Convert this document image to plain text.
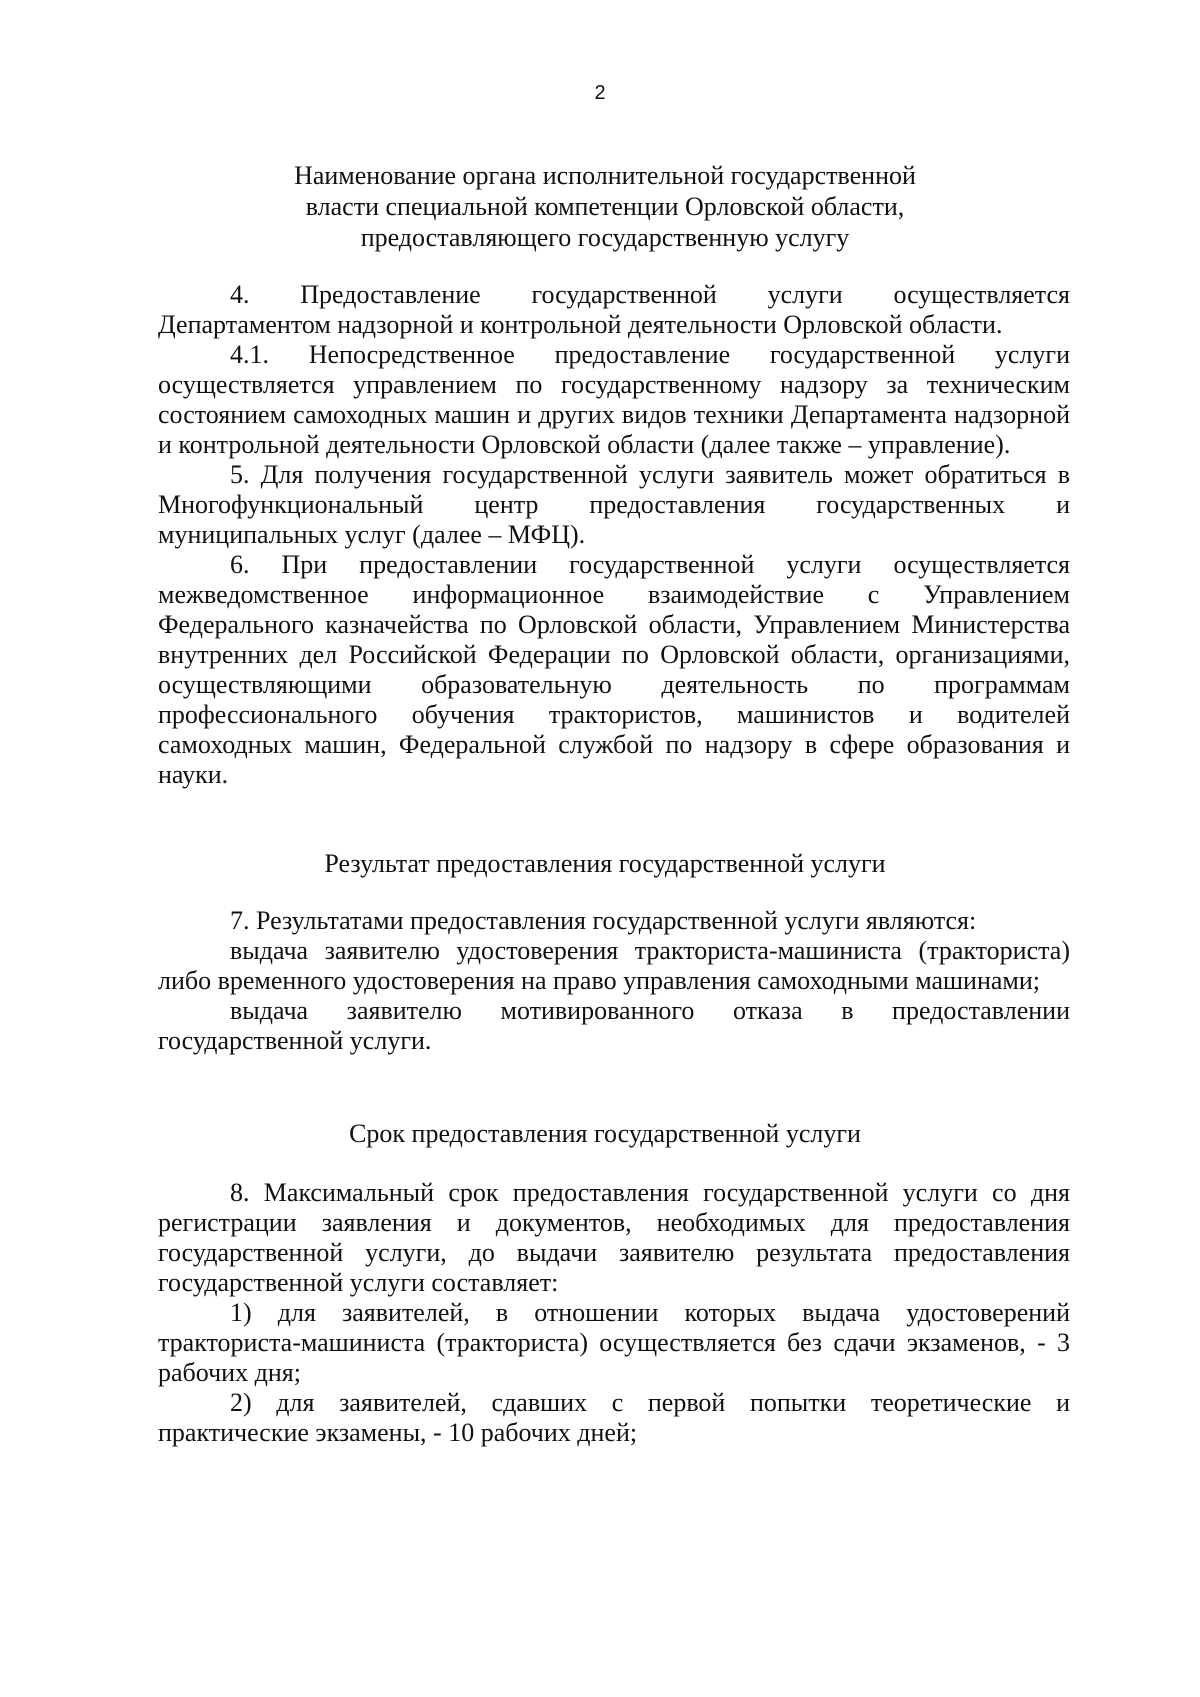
2
Наименование органа исполнительной государственной
власти специальной компетенции Орловской области,
предоставляющего государственную услугу

4. Предоставление государственной услуги осуществляется Департаментом надзорной и контрольной деятельности Орловской области.

4.1. Непосредственное предоставление государственной услуги осуществляется управлением по государственному надзору за техническим состоянием самоходных машин и других видов техники Департамента надзорной и контрольной деятельности Орловской области (далее также – управление).

5. Для получения государственной услуги заявитель может обратиться в Многофункциональный центр предоставления государственных и муниципальных услуг (далее – МФЦ).

6. При предоставлении государственной услуги осуществляется межведомственное информационное взаимодействие с Управлением Федерального казначейства по Орловской области, Управлением Министерства внутренних дел Российской Федерации по Орловской области, организациями, осуществляющими образовательную деятельность по программам профессионального обучения трактористов, машинистов и водителей самоходных машин, Федеральной службой по надзору в сфере образования и науки.

Результат предоставления государственной услуги

7. Результатами предоставления государственной услуги являются:

выдача заявителю удостоверения тракториста-машиниста (тракториста) либо временного удостоверения на право управления самоходными машинами;

выдача заявителю мотивированного отказа в предоставлении государственной услуги.

Срок предоставления государственной услуги

8. Максимальный срок предоставления государственной услуги со дня регистрации заявления и документов, необходимых для предоставления государственной услуги, до выдачи заявителю результата предоставления государственной услуги составляет:

1) для заявителей, в отношении которых выдача удостоверений тракториста-машиниста (тракториста) осуществляется без сдачи экзаменов, - 3 рабочих дня;

2) для заявителей, сдавших с первой попытки теоретические и практические экзамены, - 10 рабочих дней;
